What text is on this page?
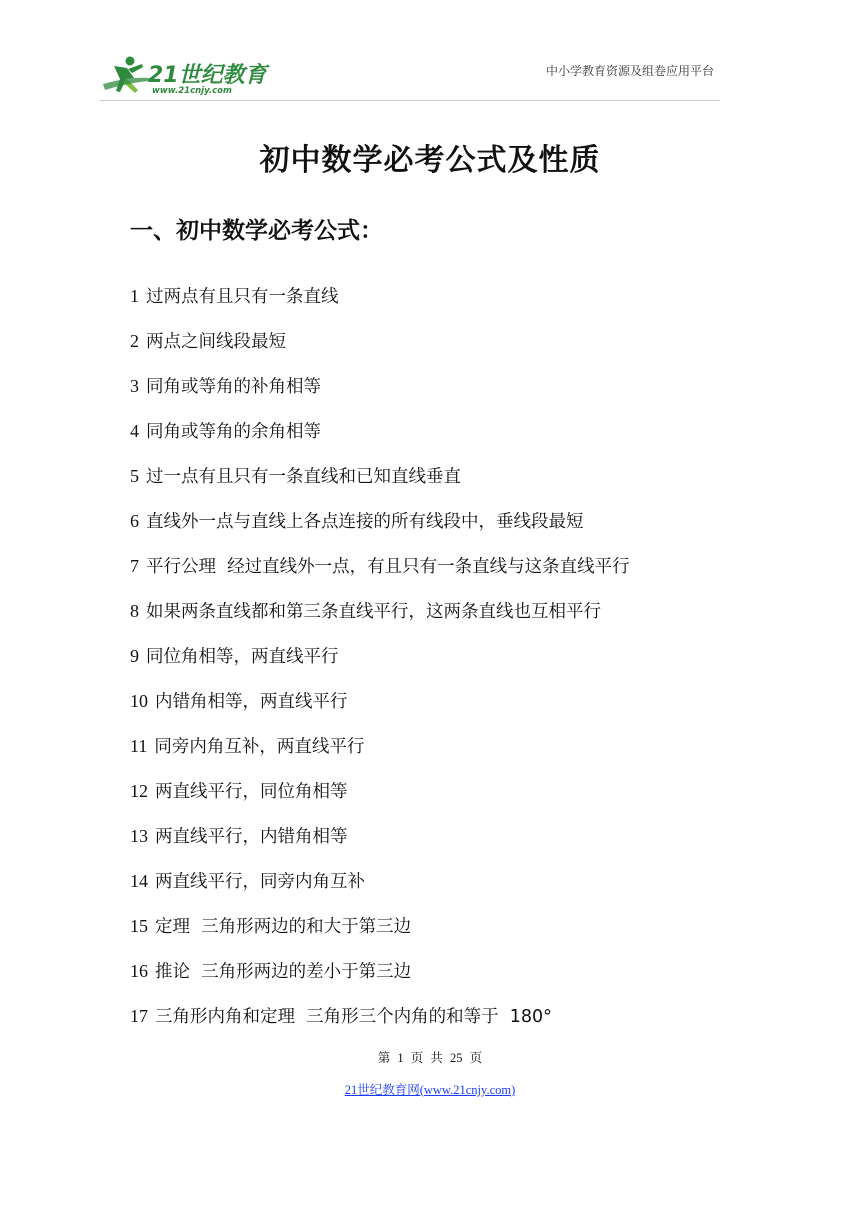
21世纪教育
www.21cnjy.com
中小学教育资源及组卷应用平台
初中数学必考公式及性质
一、初中数学必考公式：
1 过两点有且只有一条直线
2 两点之间线段最短
3 同角或等角的补角相等
4 同角或等角的余角相等
5 过一点有且只有一条直线和已知直线垂直
6 直线外一点与直线上各点连接的所有线段中，垂线段最短
7 平行公理  经过直线外一点，有且只有一条直线与这条直线平行
8 如果两条直线都和第三条直线平行，这两条直线也互相平行
9 同位角相等，两直线平行
10 内错角相等，两直线平行
11 同旁内角互补，两直线平行
12 两直线平行，同位角相等
13 两直线平行，内错角相等
14 两直线平行，同旁内角互补
15 定理  三角形两边的和大于第三边
16 推论  三角形两边的差小于第三边
17 三角形内角和定理  三角形三个内角的和等于  180°
第 1 页 共 25 页
21世纪教育网(www.21cnjy.com)
